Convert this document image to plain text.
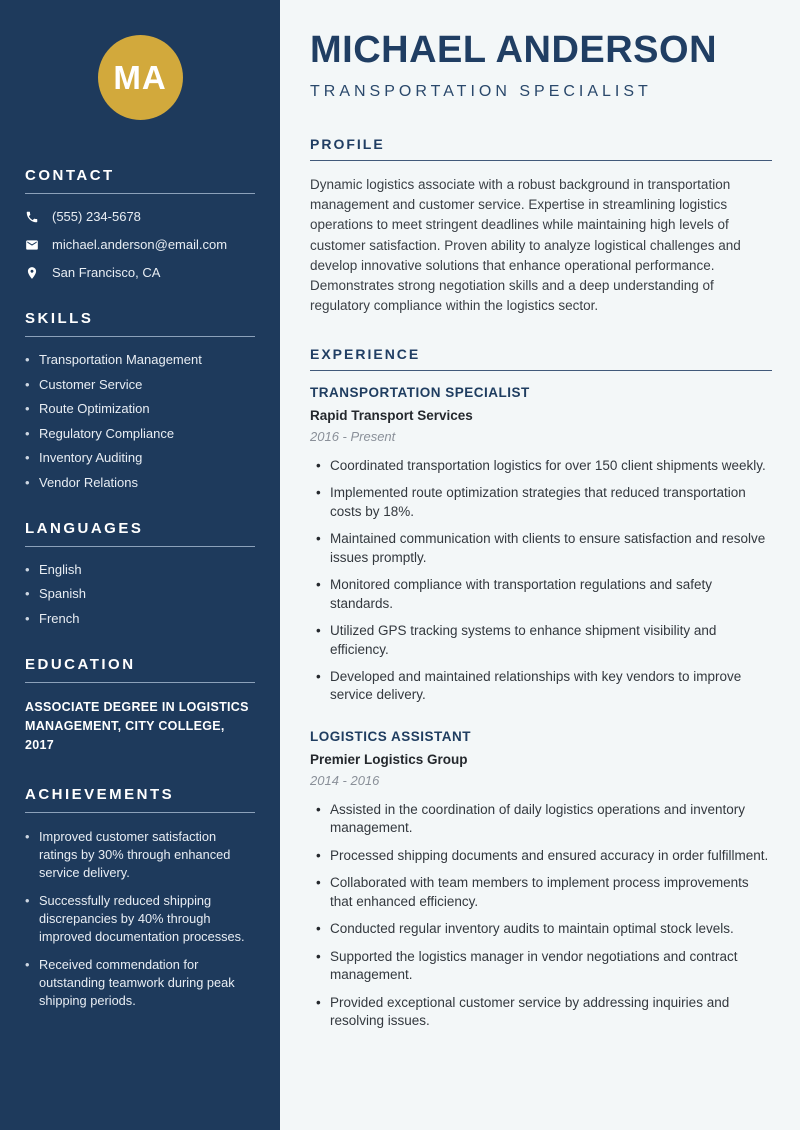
MA
CONTACT
(555) 234-5678
michael.anderson@email.com
San Francisco, CA
SKILLS
• Transportation Management
• Customer Service
• Route Optimization
• Regulatory Compliance
• Inventory Auditing
• Vendor Relations
LANGUAGES
• English
• Spanish
• French
EDUCATION

ASSOCIATE DEGREE IN LOGISTICS MANAGEMENT, CITY COLLEGE, 2017

ACHIEVEMENTS
• Improved customer satisfaction ratings by 30% through enhanced service delivery.
• Successfully reduced shipping discrepancies by 40% through improved documentation processes.
• Received commendation for outstanding teamwork during peak shipping periods.
MICHAEL ANDERSON
TRANSPORTATION SPECIALIST
PROFILE

Dynamic logistics associate with a robust background in transportation management and customer service. Expertise in streamlining logistics operations to meet stringent deadlines while maintaining high levels of customer satisfaction. Proven ability to analyze logistical challenges and develop innovative solutions that enhance operational performance. Demonstrates strong negotiation skills and a deep understanding of regulatory compliance within the logistics sector.

EXPERIENCE
TRANSPORTATION SPECIALIST
Rapid Transport Services
2016 - Present
• Coordinated transportation logistics for over 150 client shipments weekly.
• Implemented route optimization strategies that reduced transportation costs by 18%.
• Maintained communication with clients to ensure satisfaction and resolve issues promptly.
• Monitored compliance with transportation regulations and safety standards.
• Utilized GPS tracking systems to enhance shipment visibility and efficiency.
• Developed and maintained relationships with key vendors to improve service delivery.
LOGISTICS ASSISTANT
Premier Logistics Group
2014 - 2016
• Assisted in the coordination of daily logistics operations and inventory management.
• Processed shipping documents and ensured accuracy in order fulfillment.
• Collaborated with team members to implement process improvements that enhanced efficiency.
• Conducted regular inventory audits to maintain optimal stock levels.
• Supported the logistics manager in vendor negotiations and contract management.
• Provided exceptional customer service by addressing inquiries and resolving issues.
